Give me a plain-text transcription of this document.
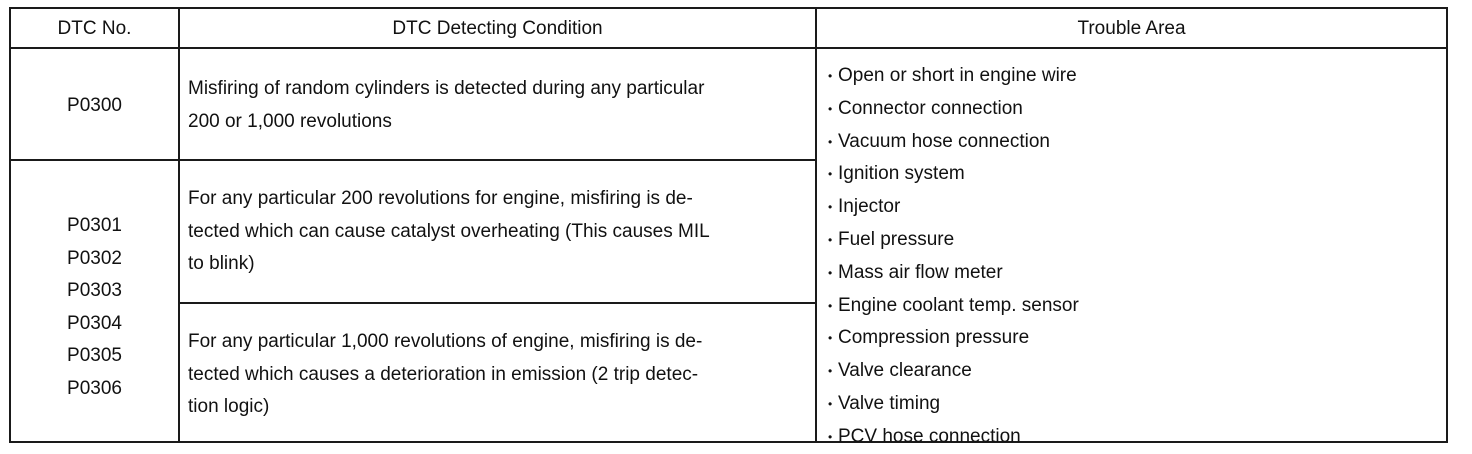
DTC No.	DTC Detecting Condition	Trouble Area
P0300
Misfiring of random cylinders is detected during any particular
200 or 1,000 revolutions
P0301
P0302
P0303
P0304
P0305
P0306
For any particular 200 revolutions for engine, misfiring is de-
tected which can cause catalyst overheating (This causes MIL
to blink)
For any particular 1,000 revolutions of engine, misfiring is de-
tected which causes a deterioration in emission (2 trip detec-
tion logic)
• Open or short in engine wire
• Connector connection
• Vacuum hose connection
• Ignition system
• Injector
• Fuel pressure
• Mass air flow meter
• Engine coolant temp. sensor
• Compression pressure
• Valve clearance
• Valve timing
• PCV hose connection
